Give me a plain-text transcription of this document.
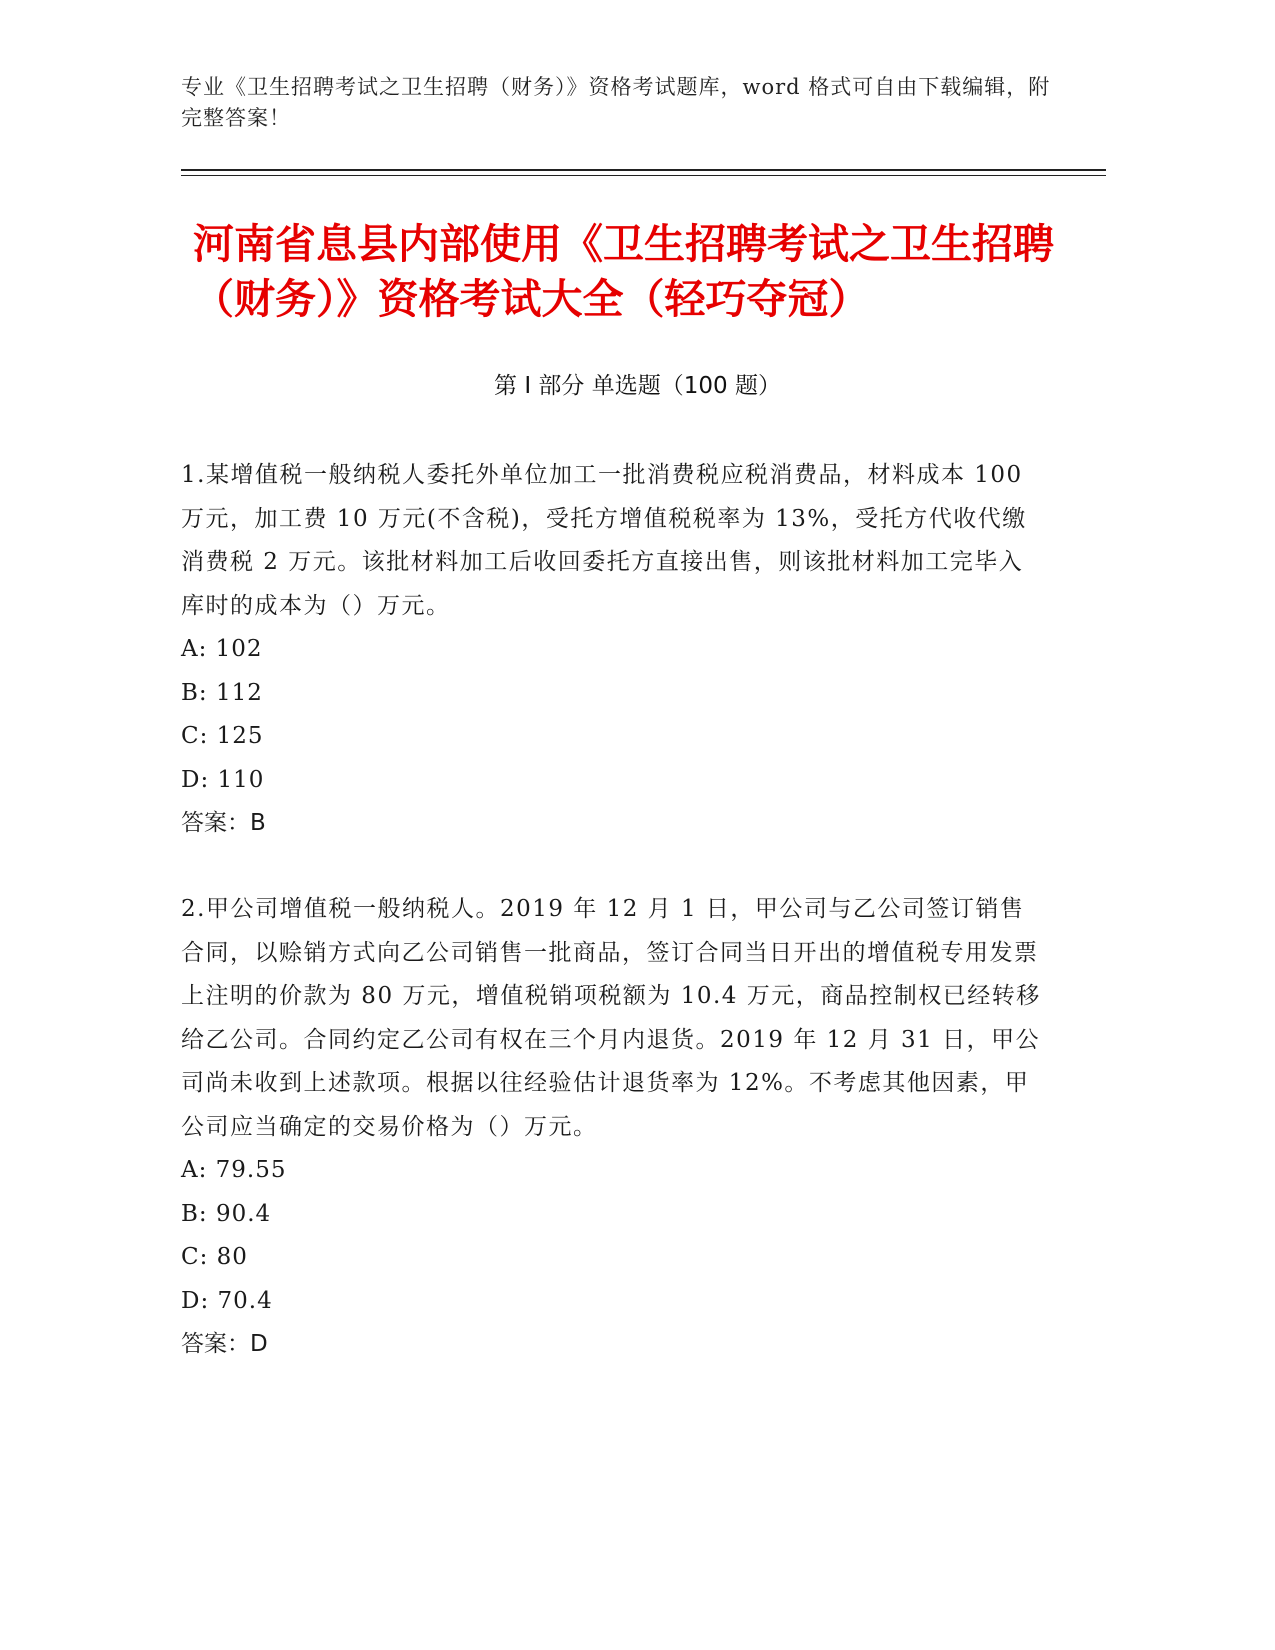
专业《卫生招聘考试之卫生招聘（财务）》资格考试题库，word 格式可自由下载编辑，附完整答案！
河南省息县内部使用《卫生招聘考试之卫生招聘（财务）》资格考试大全（轻巧夺冠）
第 I 部分 单选题（100 题）

1.某增值税一般纳税人委托外单位加工一批消费税应税消费品，材料成本 100 万元，加工费 10 万元(不含税)，受托方增值税税率为 13%，受托方代收代缴消费税 2 万元。该批材料加工后收回委托方直接出售，则该批材料加工完毕入库时的成本为（）万元。

A: 102

B: 112

C: 125

D: 110

答案：B

2.甲公司增值税一般纳税人。2019 年 12 月 1 日，甲公司与乙公司签订销售合同，以赊销方式向乙公司销售一批商品，签订合同当日开出的增值税专用发票上注明的价款为 80 万元，增值税销项税额为 10.4 万元，商品控制权已经转移给乙公司。合同约定乙公司有权在三个月内退货。2019 年 12 月 31 日，甲公司尚未收到上述款项。根据以往经验估计退货率为 12%。不考虑其他因素，甲公司应当确定的交易价格为（）万元。

A: 79.55

B: 90.4

C: 80

D: 70.4

答案：D
